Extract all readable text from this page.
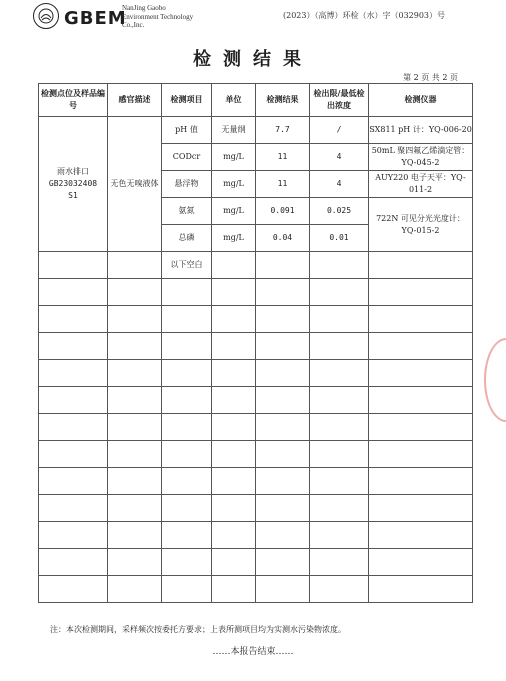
GBEM
NanJing Gaobo
Environment Technology
Co.,Inc.
(2023）（高博）环检（水）字（032903）号
检测结果
第 2 页 共 2 页
检测点位及样品编号	感官描述	检测项目	单位	检测结果	检出限/最低检出浓度	检测仪器

雨水排口
GB23032408
S1	无色无嗅液体	pH 值	无量纲	7.7	/	SX811 pH 计：YQ-006-20
		CODcr	mg/L	11	4	50mL 聚四氟乙烯滴定管：YQ-045-2
		悬浮物	mg/L	11	4	AUY220 电子天平：YQ-011-2
		氨氮	mg/L	0.091	0.025	722N 可见分光光度计：YQ-015-2
		总磷	mg/L	0.04	0.01	
		以下空白				

注：本次检测期间，采样频次按委托方要求；上表所测项目均为实测水污染物浓度。
……本报告结束……
